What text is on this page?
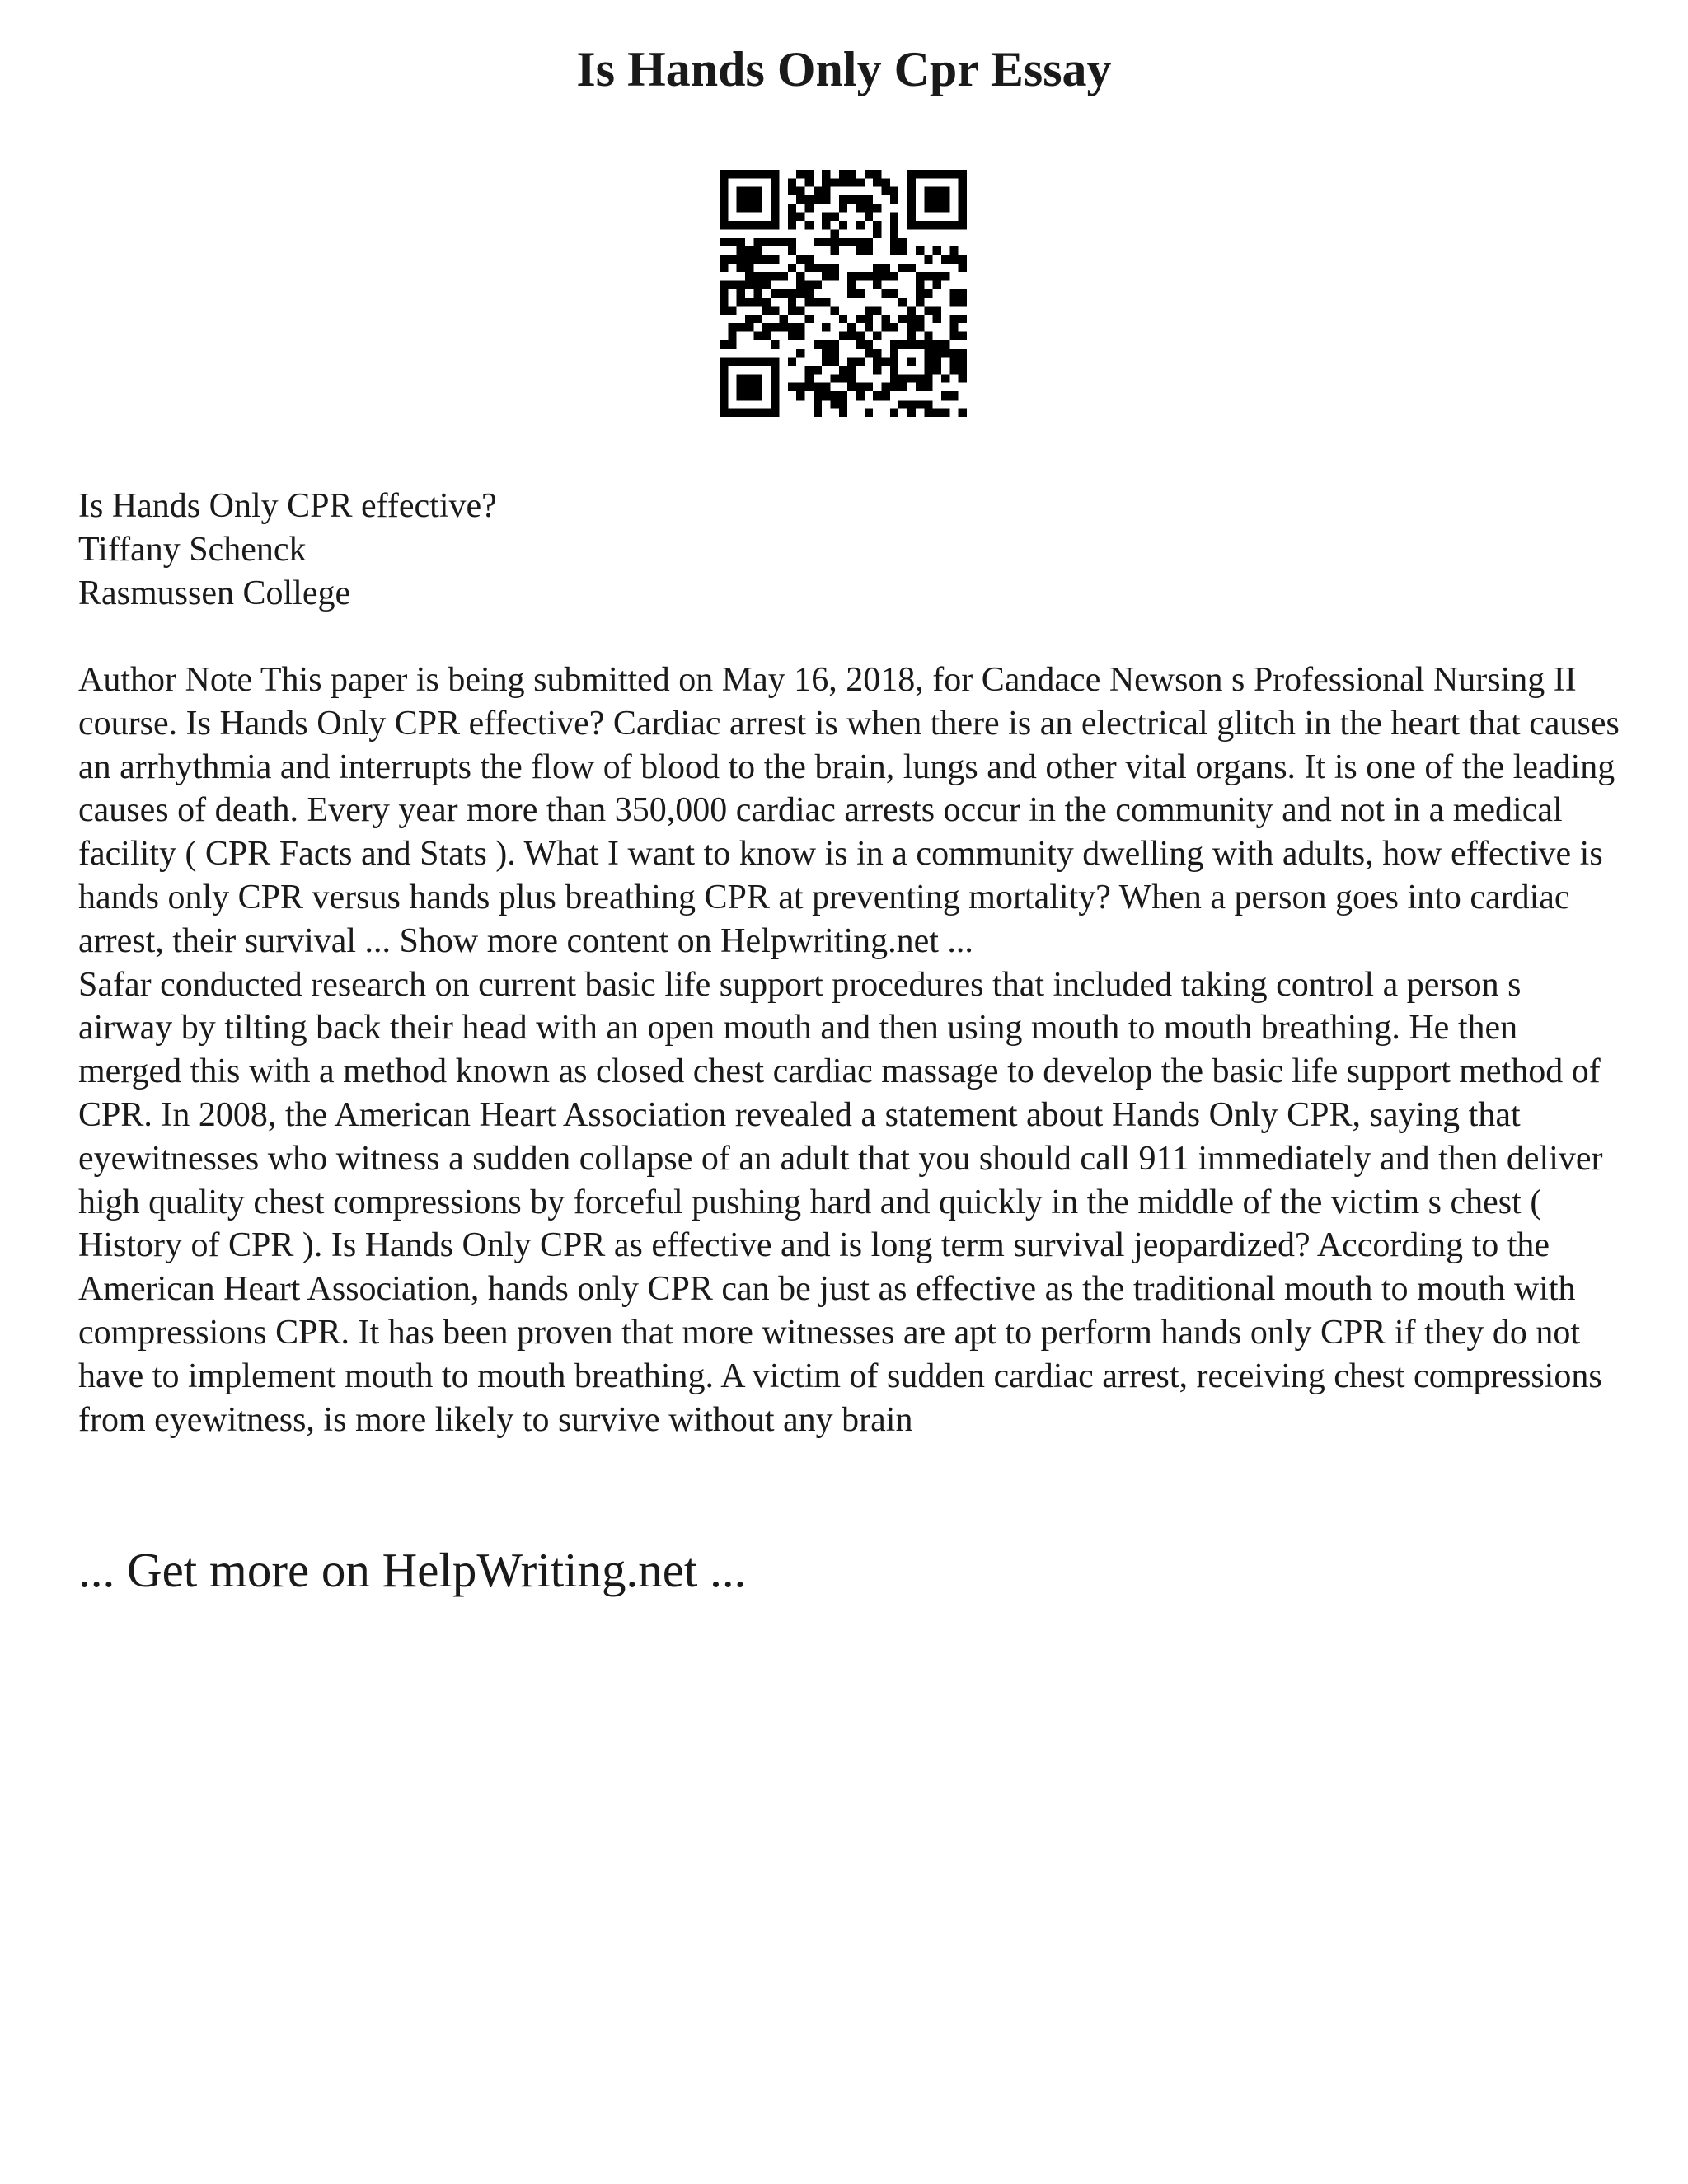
Is Hands Only Cpr Essay
Is Hands Only CPR effective?
Tiffany Schenck
Rasmussen College

Author Note This paper is being submitted on May 16, 2018, for Candace Newson s Professional Nursing II course. Is Hands Only CPR effective? Cardiac arrest is when there is an electrical glitch in the heart that causes an arrhythmia and interrupts the flow of blood to the brain, lungs and other vital organs. It is one of the leading causes of death. Every year more than 350,000 cardiac arrests occur in the community and not in a medical facility ( CPR Facts and Stats ). What I want to know is in a community dwelling with adults, how effective is hands only CPR versus hands plus breathing CPR at preventing mortality? When a person goes into cardiac arrest, their survival ... Show more content on Helpwriting.net ...

Safar conducted research on current basic life support procedures that included taking control a person s airway by tilting back their head with an open mouth and then using mouth to mouth breathing. He then merged this with a method known as closed chest cardiac massage to develop the basic life support method of CPR. In 2008, the American Heart Association revealed a statement about Hands Only CPR, saying that eyewitnesses who witness a sudden collapse of an adult that you should call 911 immediately and then deliver high quality chest compressions by forceful pushing hard and quickly in the middle of the victim s chest ( History of CPR ). Is Hands Only CPR as effective and is long term survival jeopardized? According to the American Heart Association, hands only CPR can be just as effective as the traditional mouth to mouth with compressions CPR. It has been proven that more witnesses are apt to perform hands only CPR if they do not have to implement mouth to mouth breathing. A victim of sudden cardiac arrest, receiving chest compressions from eyewitness, is more likely to survive without any brain

... Get more on HelpWriting.net ...
